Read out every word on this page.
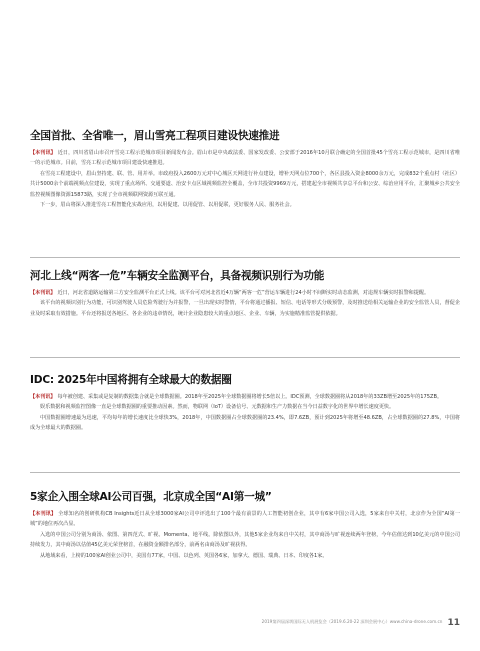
全国首批、全省唯一，眉山雪亮工程项目建设快速推进

【本刊讯】 近日，四川省眉山市召开雪亮工程示范城市项目新闻发布会。眉山市是中央政法委、国家发改委、公安部于2016年10月联合确定的全国首批45个雪亮工程示范城市，是四川省唯一的示范城市。目前，雪亮工程示范城市项目建设快速推进。

在雪亮工程建设中，眉山坚持建、联、管、用并举。市政府投入2600万元对中心城区天网进行补点建设，增补天网点位700个，各区县投入资金8000余万元，完成832个重点村（社区）共计5000余个前端视频点位建设，实现了重点场所、交通要道、治安卡点区域视频监控全覆盖，全市共投资9969万元，搭建起全市视频共享总平台和公安、综治应用平台，汇聚城乡公共安全监控视频图像资源15873路，实现了全市视频联网资源互联互通。

下一步，眉山将深入推进雪亮工程智能化实战应用，以用促建、以用促管、以用促联，更好服务人民、服务社会。

河北上线“两客一危”车辆安全监测平台，具备视频识别行为功能

【本刊讯】 近日，河北省道路运输第三方安全监测平台正式上线。该平台可对河北省近4万辆“两客一危”营运车辆进行24小时不间断实时动态监测，对违规车辆实时报警和提醒。

该平台的视频识别行为功能，可识别驾驶人员危险驾驶行为并报警，一旦出现实时警情，平台将通过播报、短信、电话等形式分级预警，及时推送给相关运输企业的安全监管人员，督促企业及时采取有效措施。平台还将报送各地区、各企业的违章情况，统计企业隐患较大的重点地区、企业、车辆，为实施精准监管提供依据。

IDC: 2025年中国将拥有全球最大的数据圈

【本刊讯】 每年被创建、采集或是复制的数据集合就是全球数据圈。2018年至2025年全球数据圈将增长5倍以上。IDC预测，全球数据圈将从2018年的33ZB增至2025年的175ZB。

娱乐数据和视频监控图像一直是全球数据圈的重要推动因素。然而，物联网（IoT）设备信号、元数据和生产力数据在当今日益数字化的世界中增长速度更快。

中国数据圈增速最为迅速，平均每年的增长速度比全球快3%，2018年，中国数据圈占全球数据圈的23.4%，即7.6ZB，预计到2025年将增至48.6ZB，占全球数据圈的27.8%，中国将成为全球最大的数据圈。

5家企入围全球AI公司百强，北京成全国“AI第一城”

【本刊讯】 全球知名的创研机构CB Insights近日从全球3000家AI公司中评选出了100个最有前景的人工智能初创企业，其中有6家中国公司入选，5家来自中关村，北京作为全国“AI第一城”的地位再次凸显。

入选的中国公司分别为商汤、依图、第四范式、旷视、Momenta、地平线。除依图以外，其他5家企业均来自中关村，其中商汤与旷视连续两年登榜，今年估值达到10亿美元的中国公司持续发力，其中商汤以估值45亿美元荣登榜首，在融资金额排名部分，前两名由商汤及旷视获得。

从地域来看，上榜的100家AI创业公司中，美国有77家，中国、以色列、英国各6家，加拿大、德国、瑞典、日本、印度各1家。

2019第四届深圳国际无人机展览会（2019.6.20-22 深圳会展中心）www.china-drone.com.cn 11
